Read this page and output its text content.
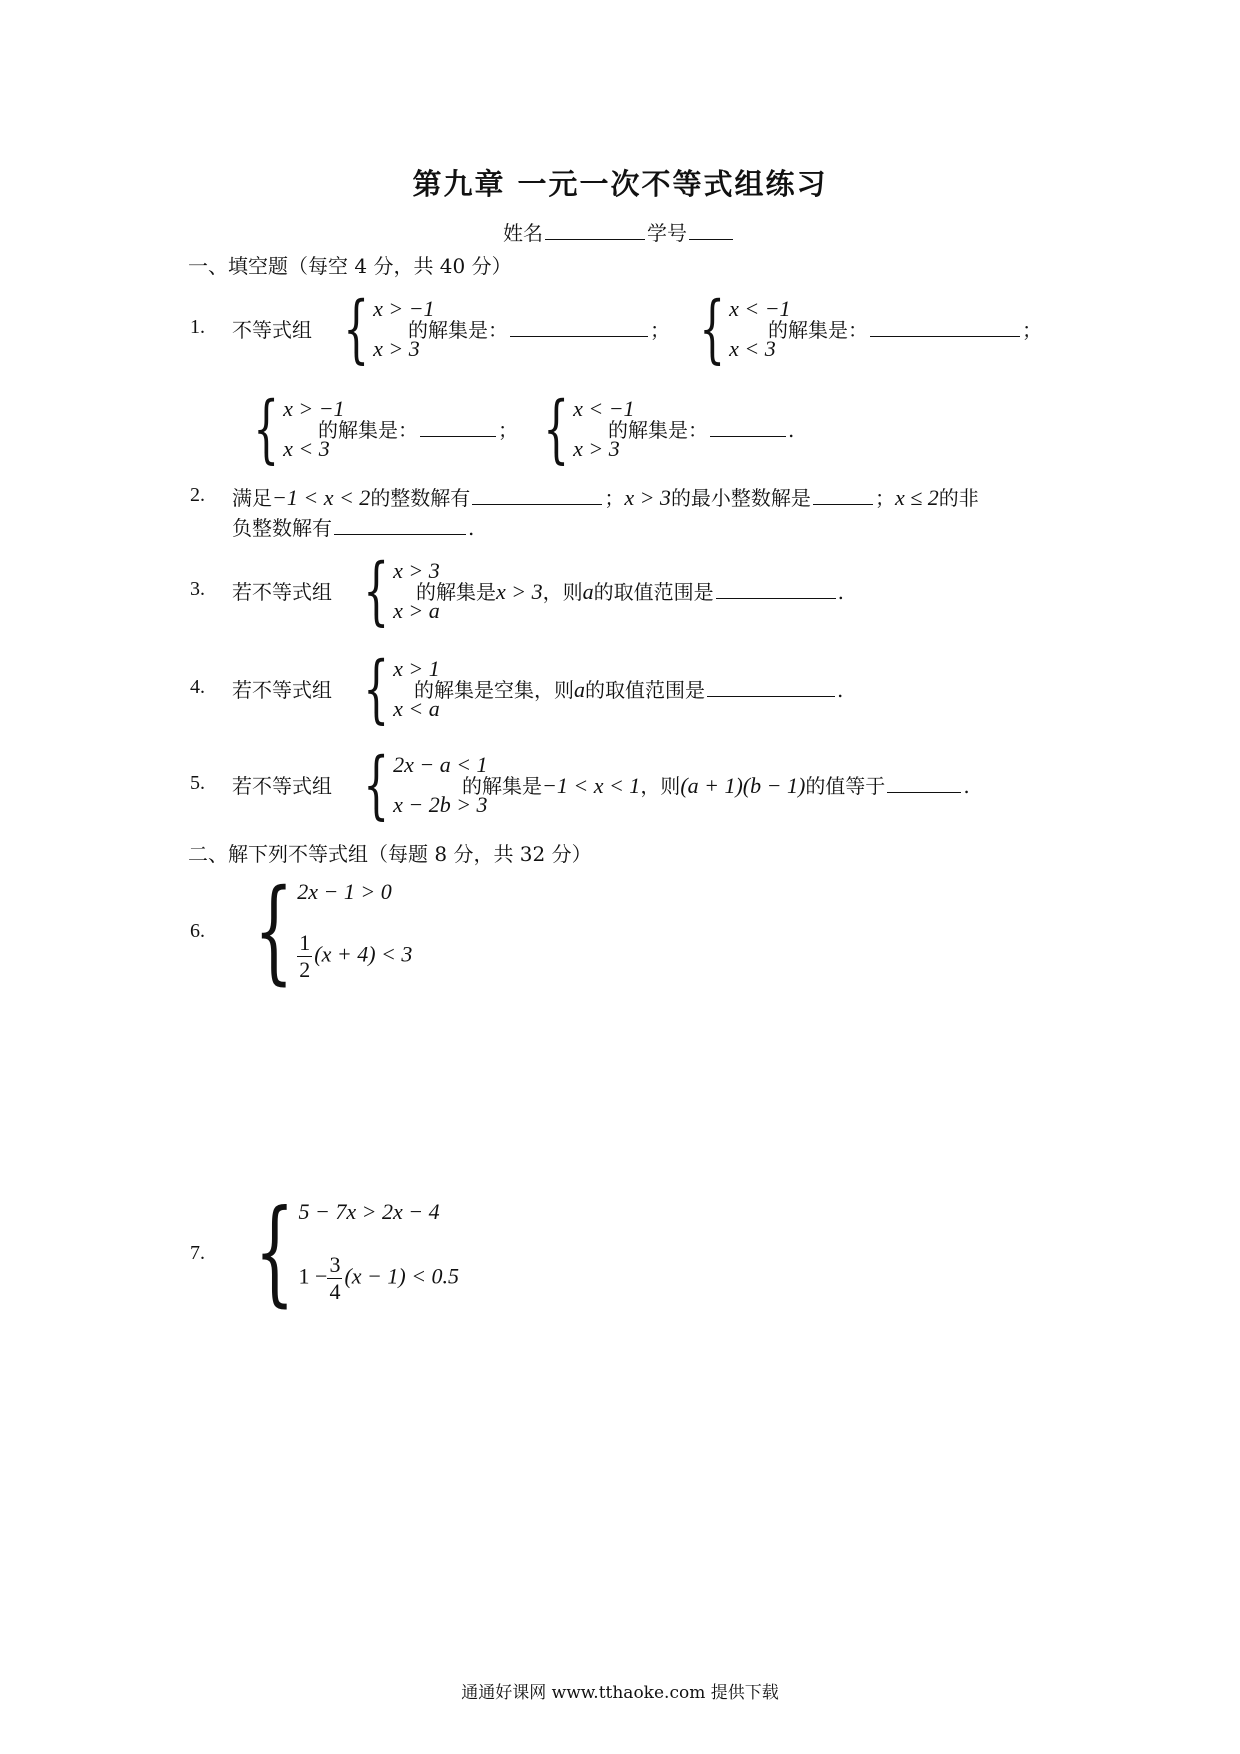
第九章 一元一次不等式组练习
姓名	学号
一、填空题（每空 4 分，共 40 分）
1. 不等式组 { x > −1
x > 3
的解集是：	； { x < −1
x < 3
的解集是：	；
{ x > −1
x < 3
的解集是：	； { x < −1
x > 3
的解集是：	.
2. 满足−1 < x < 2的整数解有	；x > 3的最小整数解是	；x ≤ 2的非
负整数解有	.
3. 若不等式组 { x > 3
x > a
的解集是x > 3，则a的取值范围是	.
4. 若不等式组 { x > 1
x < a
的解集是空集，则a的取值范围是	.
5. 若不等式组 { 2x − a < 1
x − 2b > 3
的解集是−1 < x < 1，则(a + 1)(b − 1)的值等于	.
二、解下列不等式组（每题 8 分，共 32 分）
6. { 2x − 1 > 0
$\frac{1}{2} (x + 4) < 3$
7. { 5 − 7x > 2x − 4
$1 - \frac{3}{4} (x - 1) < 0.5$
通通好课网 www.tthaoke.com 提供下载
